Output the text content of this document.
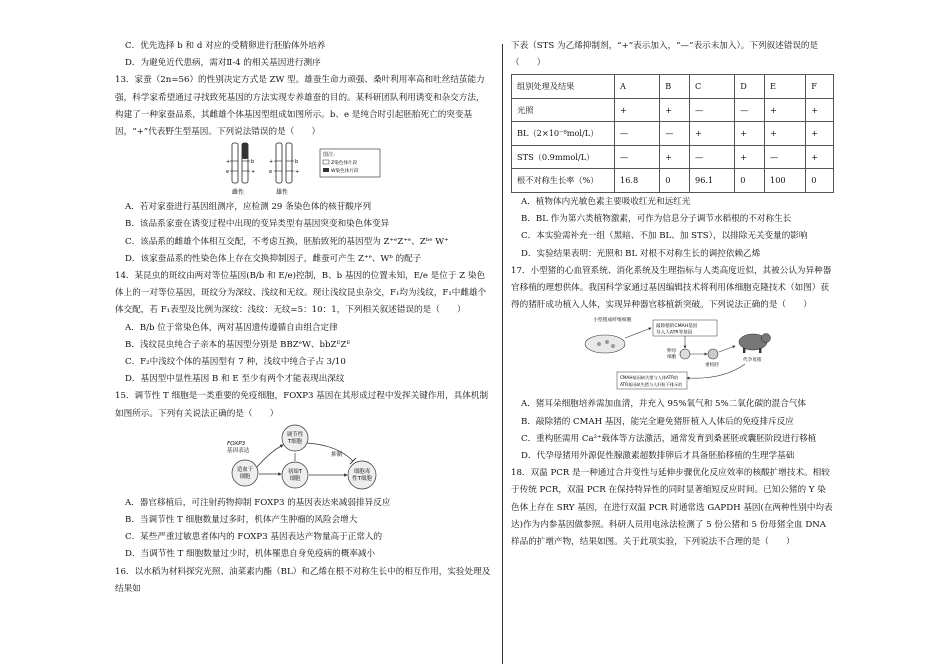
C．优先选择 b 和 d 对应的受精卵进行胚胎体外培养

D．为避免近代患病，需对Ⅱ-4 的相关基因进行测序

13．家蚕（2n=56）的性别决定方式是 ZW 型。雄蚕生命力顽强、桑叶利用率高和吐丝结茧能力强，科学家希望通过寻找致死基因的方法实现专养雄蚕的目的。某科研团队利用诱变和杂交方法，构建了一种家蚕品系，其雌雄个体基因型组成如图所示。b、e 是纯合时引起胚胎死亡的突变基因，“+”代表野生型基因。下列说法错误的是（　　）

+	b
+
e
雌性
+	b
+
e
雄性
图注：
Z染色体片段
W染色体片段

A．若对家蚕进行基因组测序，应检测 29 条染色体的核苷酸序列

B．该品系家蚕在诱变过程中出现的变异类型有基因突变和染色体变异

C．该品系的雌雄个体相互交配，不考虑互换，胚胎致死的基因型为 Z⁺ᵉZ⁺ᵉ、Zᵇᵉ W⁺

D．该家蚕品系的性染色体上存在交换抑制因子，雌蚕可产生 Z⁺ᵉ、Wᵇ 的配子

14．某昆虫的斑纹由两对等位基因(B/b 和 E/e)控制，B、b 基因的位置未知，E/e 是位于 Z 染色体上的一对等位基因，斑纹分为深纹、浅纹和无纹。现让浅纹昆虫杂交，F₁均为浅纹，F₁中雌雄个体交配，若 F₁表型及比例为深纹：浅纹：无纹=5：10：1，下列相关叙述错误的是（　　）

A．B/b 位于常染色体，两对基因遗传遵循自由组合定律

B．浅纹昆虫纯合子亲本的基因型分别是 BBZᵉW、bbZᴱZᴱ

C．F₂中浅纹个体的基因型有 7 种，浅纹中纯合子占 3/10

D．基因型中显性基因 B 和 E 至少有两个才能表现出深纹

15．调节性 T 细胞是一类重要的免疫细胞，FOXP3 基因在其形成过程中发挥关键作用，具体机制如图所示。下列有关说法正确的是（　　）

FOXP3
基因表达
调节性
T细胞
造血干
细胞
初始T
细胞
细胞毒
性T细胞
抑制

A．器官移植后，可注射药物抑制 FOXP3 的基因表达来减弱排异反应

B．当调节性 T 细胞数量过多时，机体产生肿瘤的风险会增大

C．某些严重过敏患者体内的 FOXP3 基因表达产物量高于正常人的

D．当调节性 T 细胞数量过少时，机体罹患自身免疫病的概率减小

16．以水稻为材料探究光照、油菜素内酯（BL）和乙烯在根不对称生长中的相互作用，实验处理及结果如

下表（STS 为乙烯抑制剂，“+”表示加入，“—”表示未加入）。下列叙述错误的是（　　）

组别处理及结果	A	B	C	D	E	F
光照	+	+	—	—	+	+
BL（2×10⁻⁸mol/L）	—	—	+	+	+	+
STS（0.9mmol/L）	—	+	—	+	—	+
根不对称生长率（%）	16.8	0	96.1	0	100	0

A．植物体内光敏色素主要吸收红光和远红光

B．BL 作为第六类植物激素，可作为信息分子调节水稻根的不对称生长

C．本实验需补充一组（黑暗、不加 BL、加 STS），以排除无关变量的影响

D．实验结果表明：光照和 BL 对根不对称生长的调控依赖乙烯

17．小型猪的心血管系统、消化系统及生理指标与人类高度近似，其被公认为异种器官移植的理想供体。我国科学家通过基因编辑技术将利用体细胞克隆技术（如图）获得的猪肝成功植入人体，实现异种器官移植新突破。下列说法正确的是（　　）

小型猪成纤维细胞
敲除猪的CMAH基因
导入人ATR等基因
卵母
细胞
重构胚
代孕母猪
CMAH基因缺失猪与人体ATR的
ATR基因缺失猪与人肝脏不排斥的

A．猪耳朵细胞培养需加血清，并充入 95%氧气和 5%二氧化碳的混合气体

B．敲除猪的 CMAH 基因，能完全避免猪肝植入人体后的免疫排斥反应

C．重构胚需用 Ca²⁺载体等方法激活，通常发育到桑葚胚或囊胚阶段进行移植

D．代孕母猪用外源促性腺激素超数排卵后才具备胚胎移植的生理学基础

18．双温 PCR 是一种通过合并变性与延伸步骤优化反应效率的核酸扩增技术。相较于传统 PCR，双温 PCR 在保持特异性的同时显著缩短反应时间。已知公猪的 Y 染色体上存在 SRY 基因，在进行双温 PCR 时通常选 GAPDH 基因(在两种性别中均表达)作为内参基因做参照。科研人员用电泳法检测了 5 份公猪和 5 份母猪全血 DNA 样品的扩增产物，结果如图。关于此项实验，下列说法不合理的是（　　）
